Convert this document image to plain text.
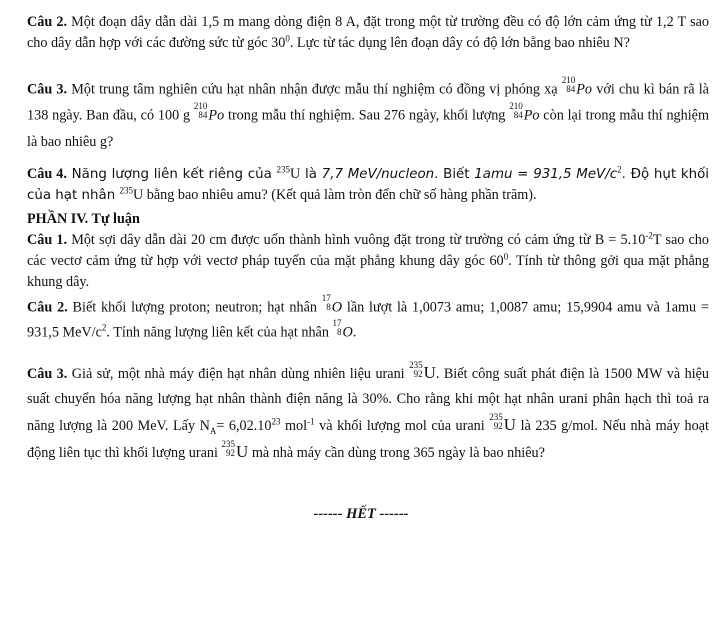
Câu 2. Một đoạn dây dẫn dài 1,5 m mang dòng điện 8 A, đặt trong một từ trường đều có độ lớn cảm ứng từ 1,2 T sao cho dây dẫn hợp với các đường sức từ góc $30^0$. Lực từ tác dụng lên đoạn dây có độ lớn bằng bao nhiêu N?

Câu 3. Một trung tâm nghiên cứu hạt nhân nhận được mẫu thí nghiệm có đồng vị phóng xạ
210
84 Po với chu kì bán rã là 138 ngày. Ban đầu, có 100 g
210
84 Po trong mẫu thí nghiệm. Sau 276 ngày, khối lượng
210
84 Po còn lại trong mẫu thí nghiệm là bao nhiêu g?

Câu 4. Năng lượng liên kết riêng của $^{235}$U là 7,7 MeV/nucleon. Biết 1amu = 931,5 MeV/$c^2$. Độ hụt khối của hạt nhân $^{235}$U bằng bao nhiêu amu? (Kết quả làm tròn đến chữ số hàng phần trăm).

PHẦN IV. Tự luận

Câu 1. Một sợi dây dẫn dài 20 cm được uốn thành hình vuông đặt trong từ trường có cảm ứng từ $B = 5.10^{-2}T$ sao cho các vectơ cảm ứng từ hợp với vectơ pháp tuyến của mặt phẳng khung dây góc $60^0$. Tính từ thông gởi qua mặt phẳng khung dây.

Câu 2. Biết khối lượng proton; neutron; hạt nhân
17
8 O lần lượt là 1,0073 amu; 1,0087 amu; 15,9904 amu và 1amu = 931,5 MeV/$c^2$. Tính năng lượng liên kết của hạt nhân
17
8 O.

Câu 3. Giả sử, một nhà máy điện hạt nhân dùng nhiên liệu urani
235
92 U. Biết công suất phát điện là 1500 MW và hiệu suất chuyển hóa năng lượng hạt nhân thành điện năng là 30%. Cho rằng khi một hạt nhân urani phân hạch thì toả ra năng lượng là 200 MeV. Lấy $N_A= 6,02.10^{23}$ mol$^{-1}$ và khối lượng mol của urani
235
92 U là 235 g/mol. Nếu nhà máy hoạt động liên tục thì khối lượng urani
235
92 U mà nhà máy cần dùng trong 365 ngày là bao nhiêu?

------ HẾT ------
